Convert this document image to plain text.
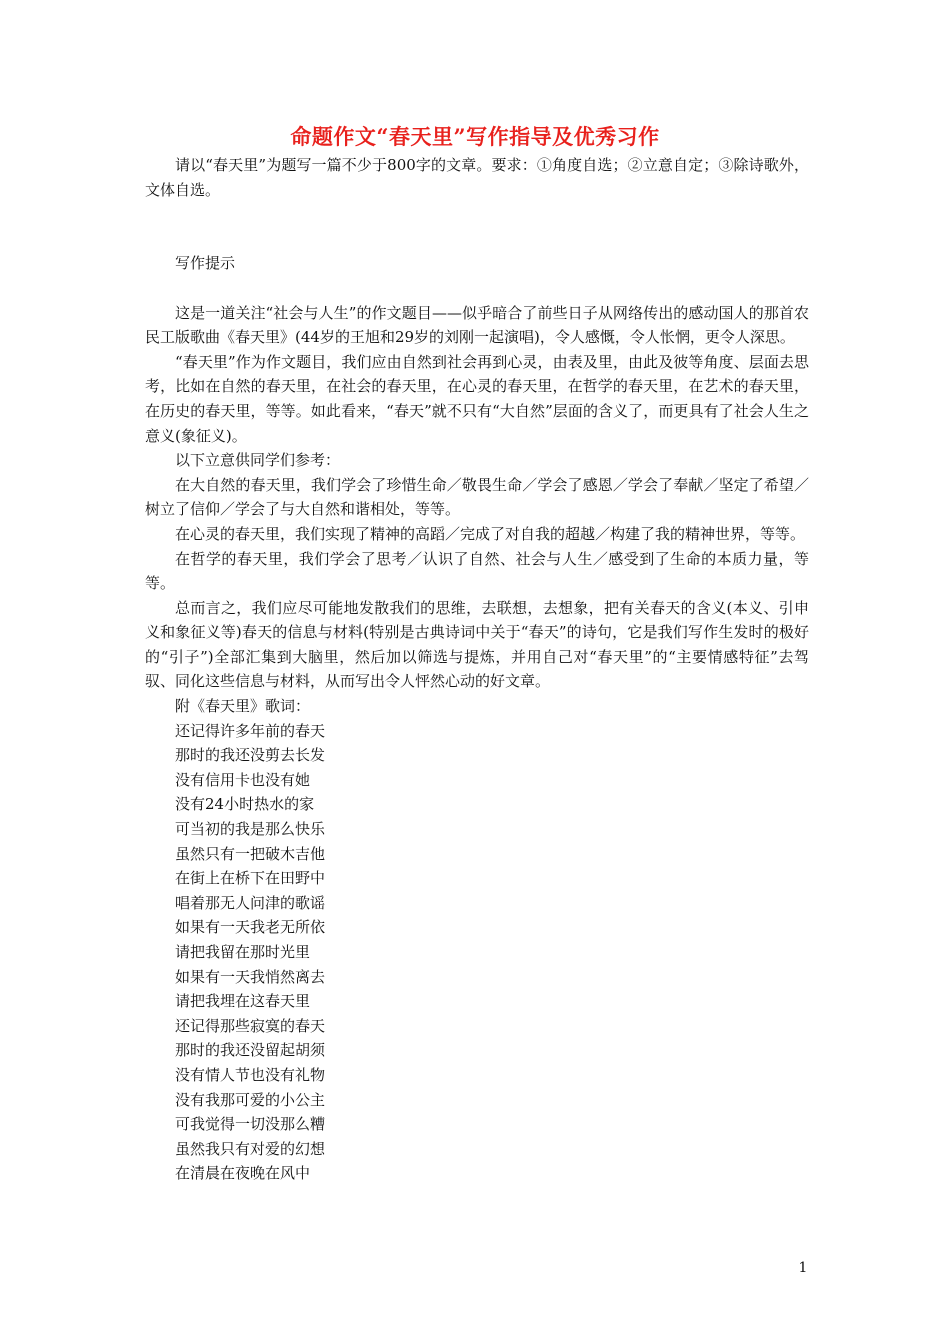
命题作文“春天里”写作指导及优秀习作

请以“春天里”为题写一篇不少于800字的文章。要求：①角度自选；②立意自定；③除诗歌外，文体自选。

写作提示

这是一道关注“社会与人生”的作文题目——似乎暗合了前些日子从网络传出的感动国人的那首农民工版歌曲《春天里》(44岁的王旭和29岁的刘刚一起演唱)，令人感慨，令人怅惘，更令人深思。

“春天里”作为作文题目，我们应由自然到社会再到心灵，由表及里，由此及彼等角度、层面去思考，比如在自然的春天里，在社会的春天里，在心灵的春天里，在哲学的春天里，在艺术的春天里，在历史的春天里，等等。如此看来，“春天”就不只有“大自然”层面的含义了，而更具有了社会人生之意义(象征义)。

以下立意供同学们参考：

在大自然的春天里，我们学会了珍惜生命／敬畏生命／学会了感恩／学会了奉献／坚定了希望／树立了信仰／学会了与大自然和谐相处，等等。

在心灵的春天里，我们实现了精神的高蹈／完成了对自我的超越／构建了我的精神世界，等等。

在哲学的春天里，我们学会了思考／认识了自然、社会与人生／感受到了生命的本质力量，等等。

总而言之，我们应尽可能地发散我们的思维，去联想，去想象，把有关春天的含义(本义、引申义和象征义等)春天的信息与材料(特别是古典诗词中关于“春天”的诗句，它是我们写作生发时的极好的“引子”)全部汇集到大脑里，然后加以筛选与提炼，并用自己对“春天里”的“主要情感特征”去驾驭、同化这些信息与材料，从而写出令人怦然心动的好文章。

附《春天里》歌词：

还记得许多年前的春天
那时的我还没剪去长发
没有信用卡也没有她
没有24小时热水的家
可当初的我是那么快乐
虽然只有一把破木吉他
在街上在桥下在田野中
唱着那无人问津的歌谣
如果有一天我老无所依
请把我留在那时光里
如果有一天我悄然离去
请把我埋在这春天里
还记得那些寂寞的春天
那时的我还没留起胡须
没有情人节也没有礼物
没有我那可爱的小公主
可我觉得一切没那么糟
虽然我只有对爱的幻想
在清晨在夜晚在风中
1
